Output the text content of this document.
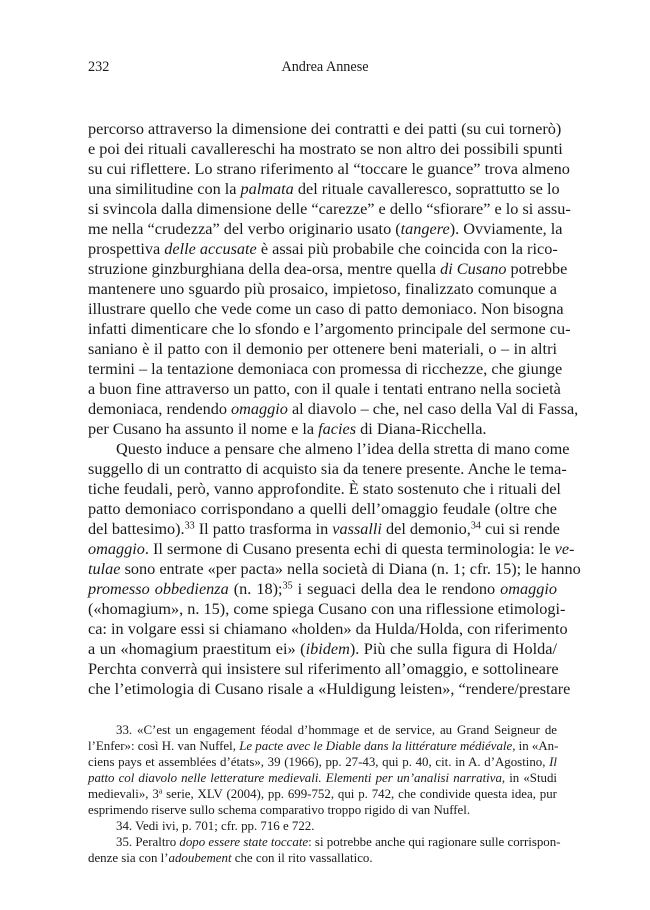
232	Andrea Annese
percorso attraverso la dimensione dei contratti e dei patti (su cui tornerò)
e poi dei rituali cavallereschi ha mostrato se non altro dei possibili spunti
su cui riflettere. Lo strano riferimento al “toccare le guance” trova almeno
una similitudine con la palmata del rituale cavalleresco, soprattutto se lo
si svincola dalla dimensione delle “carezze” e dello “sfiorare” e lo si assu-
me nella “crudezza” del verbo originario usato (tangere). Ovviamente, la
prospettiva delle accusate è assai più probabile che coincida con la rico-
struzione ginzburghiana della dea-orsa, mentre quella di Cusano potrebbe
mantenere uno sguardo più prosaico, impietoso, finalizzato comunque a
illustrare quello che vede come un caso di patto demoniaco. Non bisogna
infatti dimenticare che lo sfondo e l’argomento principale del sermone cu-
saniano è il patto con il demonio per ottenere beni materiali, o – in altri
termini – la tentazione demoniaca con promessa di ricchezze, che giunge
a buon fine attraverso un patto, con il quale i tentati entrano nella società
demoniaca, rendendo omaggio al diavolo – che, nel caso della Val di Fassa,
per Cusano ha assunto il nome e la facies di Diana-Ricchella.
Questo induce a pensare che almeno l’idea della stretta di mano come
suggello di un contratto di acquisto sia da tenere presente. Anche le tema-
tiche feudali, però, vanno approfondite. È stato sostenuto che i rituali del
patto demoniaco corrispondano a quelli dell’omaggio feudale (oltre che
del battesimo).$^{33}$ Il patto trasforma in vassalli del demonio,$^{34}$ cui si rende
omaggio. Il sermone di Cusano presenta echi di questa terminologia: le ve-
tulae sono entrate «per pacta» nella società di Diana (n. 1; cfr. 15); le hanno
promesso obbedienza (n. 18);$^{35}$ i seguaci della dea le rendono omaggio
(«homagium», n. 15), come spiega Cusano con una riflessione etimologi-
ca: in volgare essi si chiamano «holden» da Hulda/Holda, con riferimento
a un «homagium praestitum ei» (ibidem). Più che sulla figura di Holda/
Perchta converrà qui insistere sul riferimento all’omaggio, e sottolineare
che l’etimologia di Cusano risale a «Huldigung leisten», “rendere/prestare
33. «C’est un engagement féodal d’hommage et de service, au Grand Seigneur de
l’Enfer»: così H. van Nuffel, Le pacte avec le Diable dans la littérature médiévale, in «An-
ciens pays et assemblées d’états», 39 (1966), pp. 27-43, qui p. 40, cit. in A. d’Agostino, Il
patto col diavolo nelle letterature medievali. Elementi per un’analisi narrativa, in «Studi
medievali», 3$^a$ serie, XLV (2004), pp. 699-752, qui p. 742, che condivide questa idea, pur
esprimendo riserve sullo schema comparativo troppo rigido di van Nuffel.
34. Vedi ivi, p. 701; cfr. pp. 716 e 722.
35. Peraltro dopo essere state toccate: si potrebbe anche qui ragionare sulle corrispon-
denze sia con l’adoubement che con il rito vassallatico.
